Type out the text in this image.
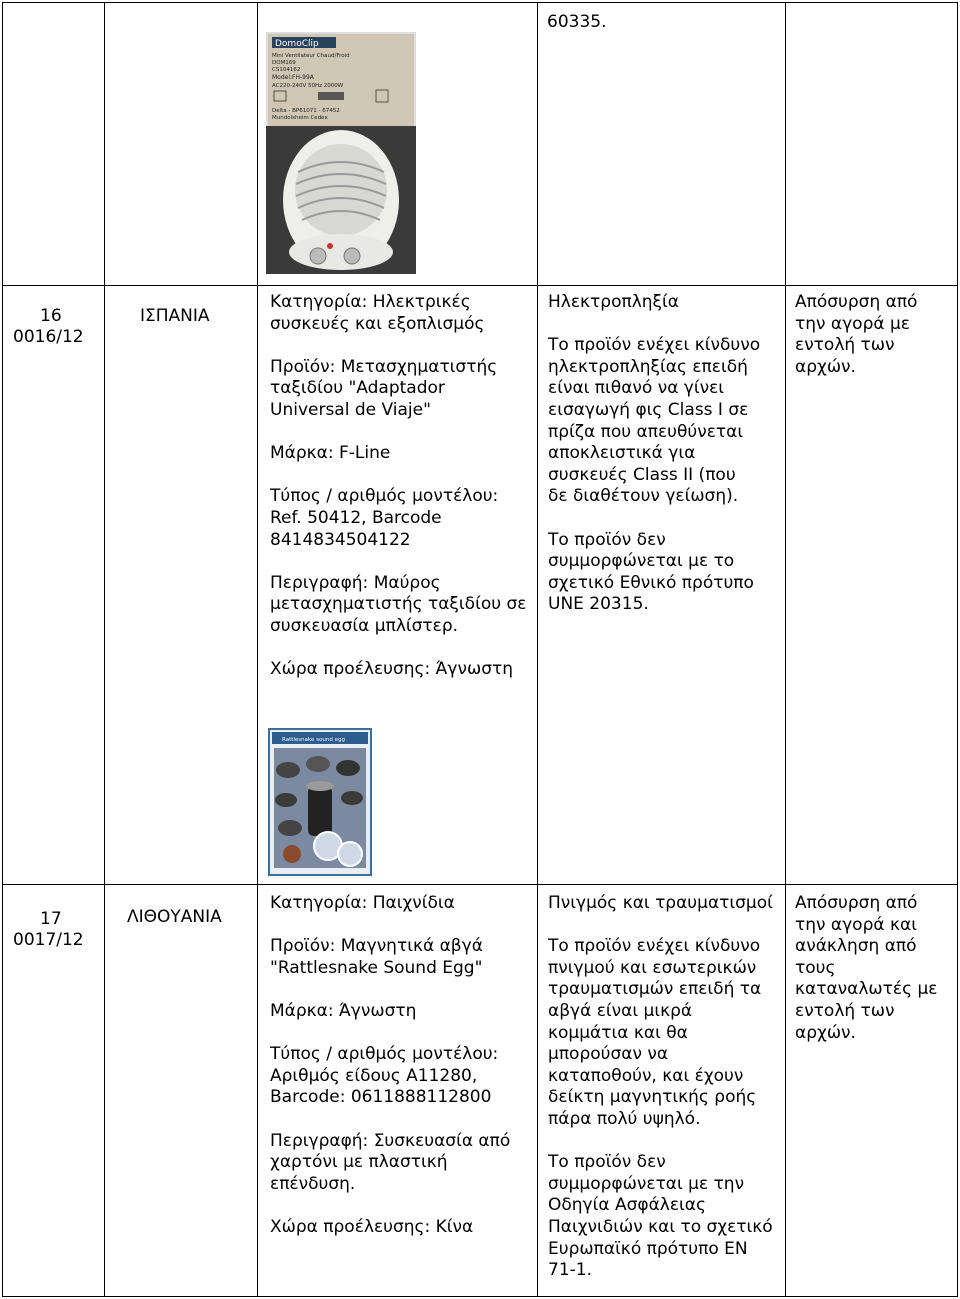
60335.
DomoClip
Mini Ventilateur Chaud/Froid
DOM169
CS104162
Model:FH-99A
AC220-240V 50Hz 2000W
Delta - BP61071 - 67452
Mundolsheim Cedex
16
0016/12
ΙΣΠΑΝΙΑ

Κατηγορία: Ηλεκτρικές

συσκευές και εξοπλισμός

Προϊόν: Μετασχηματιστής

ταξιδίου "Adaptador

Universal de Viaje"

Μάρκα: F-Line

Τύπος / αριθμός μοντέλου:

Ref. 50412, Barcode

8414834504122

Περιγραφή: Μαύρος

μετασχηματιστής ταξιδίου σε

συσκευασία μπλίστερ.

Χώρα προέλευσης: Άγνωστη

Ηλεκτροπληξία

Το προϊόν ενέχει κίνδυνο

ηλεκτροπληξίας επειδή

είναι πιθανό να γίνει

εισαγωγή φις Class I σε

πρίζα που απευθύνεται

αποκλειστικά για

συσκευές Class II (που

δε διαθέτουν γείωση).

Το προϊόν δεν

συμμορφώνεται με το

σχετικό Εθνικό πρότυπο

UNE 20315.

Απόσυρση από

την αγορά με

εντολή των

αρχών.

Rattlesnake sound egg
17
0017/12
ΛΙΘΟΥΑΝΙΑ

Κατηγορία: Παιχνίδια

Προϊόν: Μαγνητικά αβγά

"Rattlesnake Sound Egg"

Μάρκα: Άγνωστη

Τύπος / αριθμός μοντέλου:

Αριθμός είδους A11280,

Barcode: 0611888112800

Περιγραφή: Συσκευασία από

χαρτόνι με πλαστική

επένδυση.

Χώρα προέλευσης: Κίνα

Πνιγμός και τραυματισμοί

Το προϊόν ενέχει κίνδυνο

πνιγμού και εσωτερικών

τραυματισμών επειδή τα

αβγά είναι μικρά

κομμάτια και θα

μπορούσαν να

καταποθούν, και έχουν

δείκτη μαγνητικής ροής

πάρα πολύ υψηλό.

Το προϊόν δεν

συμμορφώνεται με την

Οδηγία Ασφάλειας

Παιχνιδιών και το σχετικό

Ευρωπαϊκό πρότυπο EN

71-1.

Απόσυρση από

την αγορά και

ανάκληση από

τους

καταναλωτές με

εντολή των

αρχών.
